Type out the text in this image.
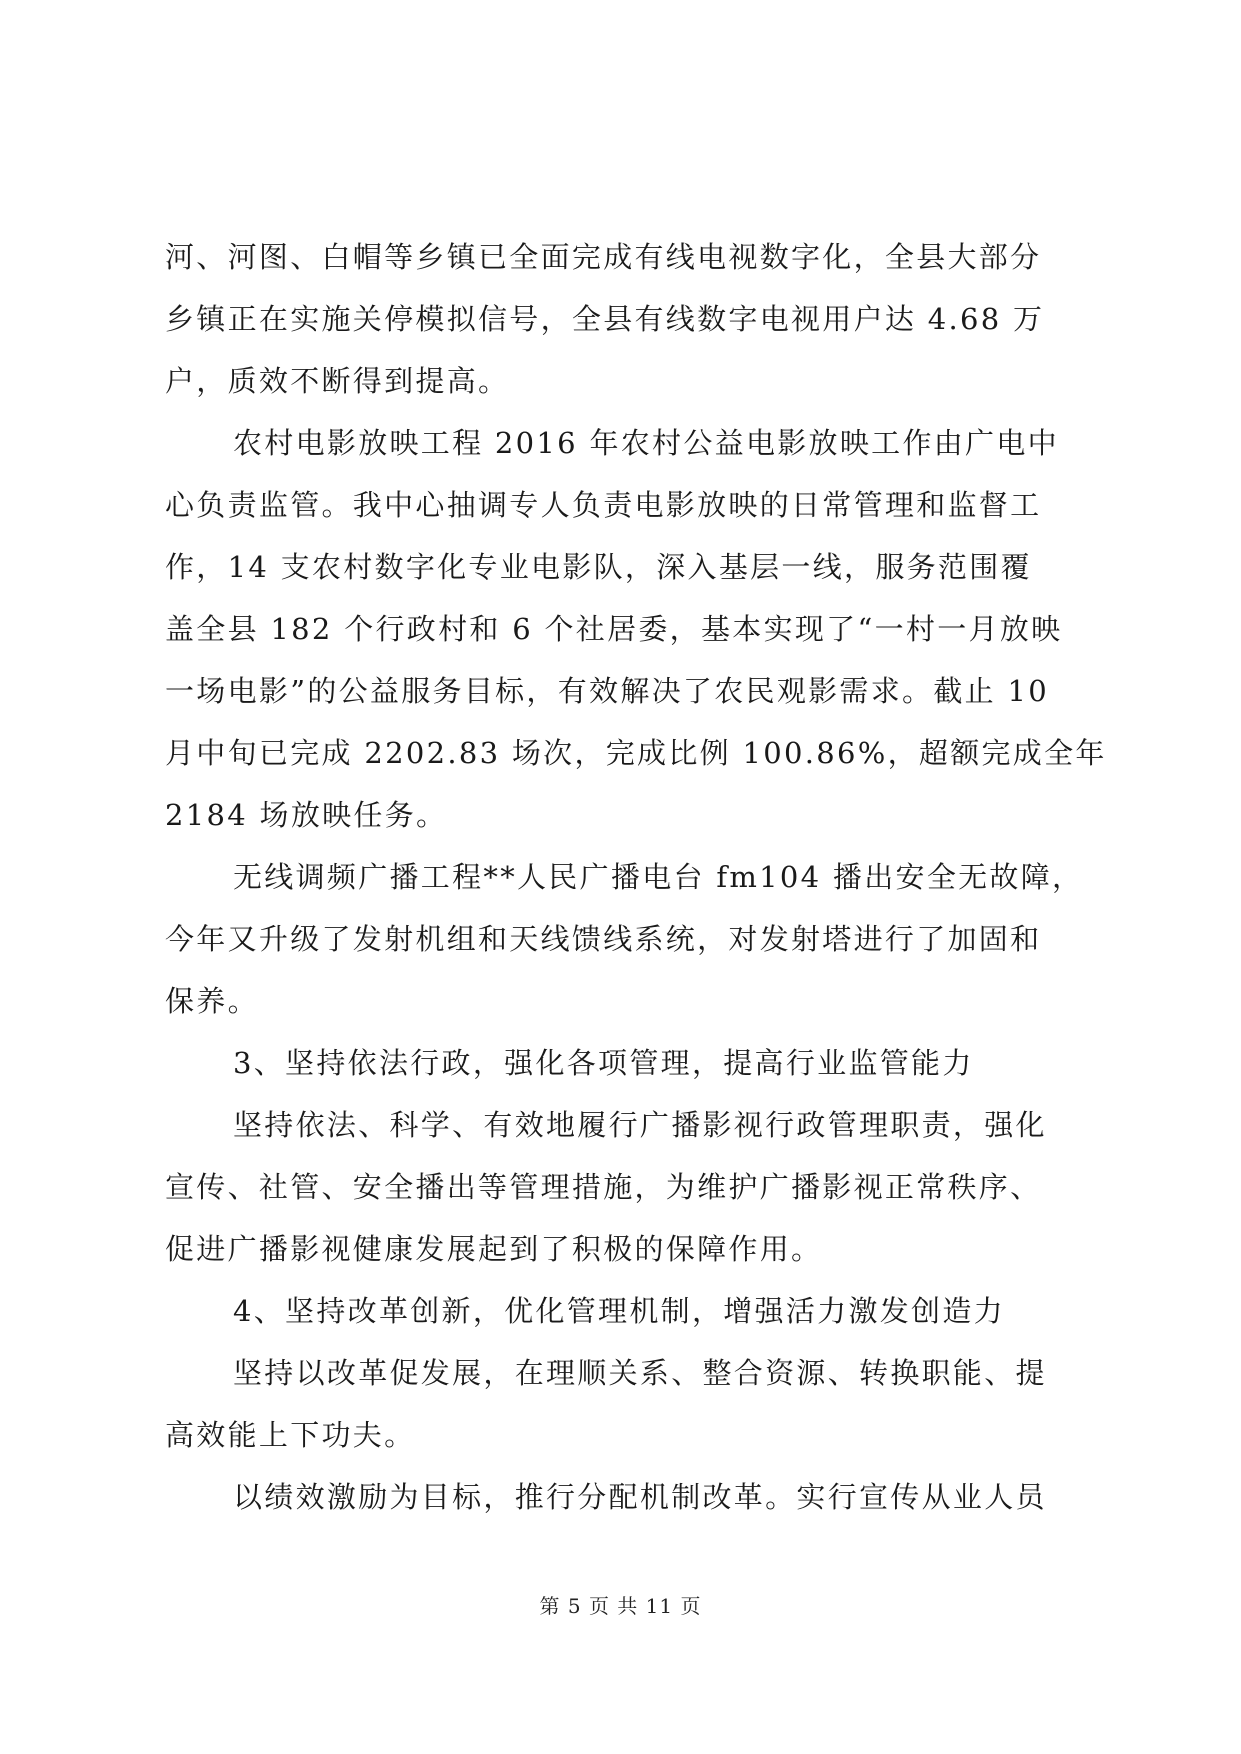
河、河图、白帽等乡镇已全面完成有线电视数字化，全县大部分
乡镇正在实施关停模拟信号，全县有线数字电视用户达 4.68 万
户，质效不断得到提高。
农村电影放映工程 2016 年农村公益电影放映工作由广电中
心负责监管。我中心抽调专人负责电影放映的日常管理和监督工
作，14 支农村数字化专业电影队，深入基层一线，服务范围覆
盖全县 182 个行政村和 6 个社居委，基本实现了“一村一月放映
一场电影”的公益服务目标，有效解决了农民观影需求。截止 10
月中旬已完成 2202.83 场次，完成比例 100.86%，超额完成全年
2184 场放映任务。
无线调频广播工程**人民广播电台 fm104 播出安全无故障，
今年又升级了发射机组和天线馈线系统，对发射塔进行了加固和
保养。
3、坚持依法行政，强化各项管理，提高行业监管能力
坚持依法、科学、有效地履行广播影视行政管理职责，强化
宣传、社管、安全播出等管理措施，为维护广播影视正常秩序、
促进广播影视健康发展起到了积极的保障作用。
4、坚持改革创新，优化管理机制，增强活力激发创造力
坚持以改革促发展，在理顺关系、整合资源、转换职能、提
高效能上下功夫。
以绩效激励为目标，推行分配机制改革。实行宣传从业人员
第 5 页 共 11 页
